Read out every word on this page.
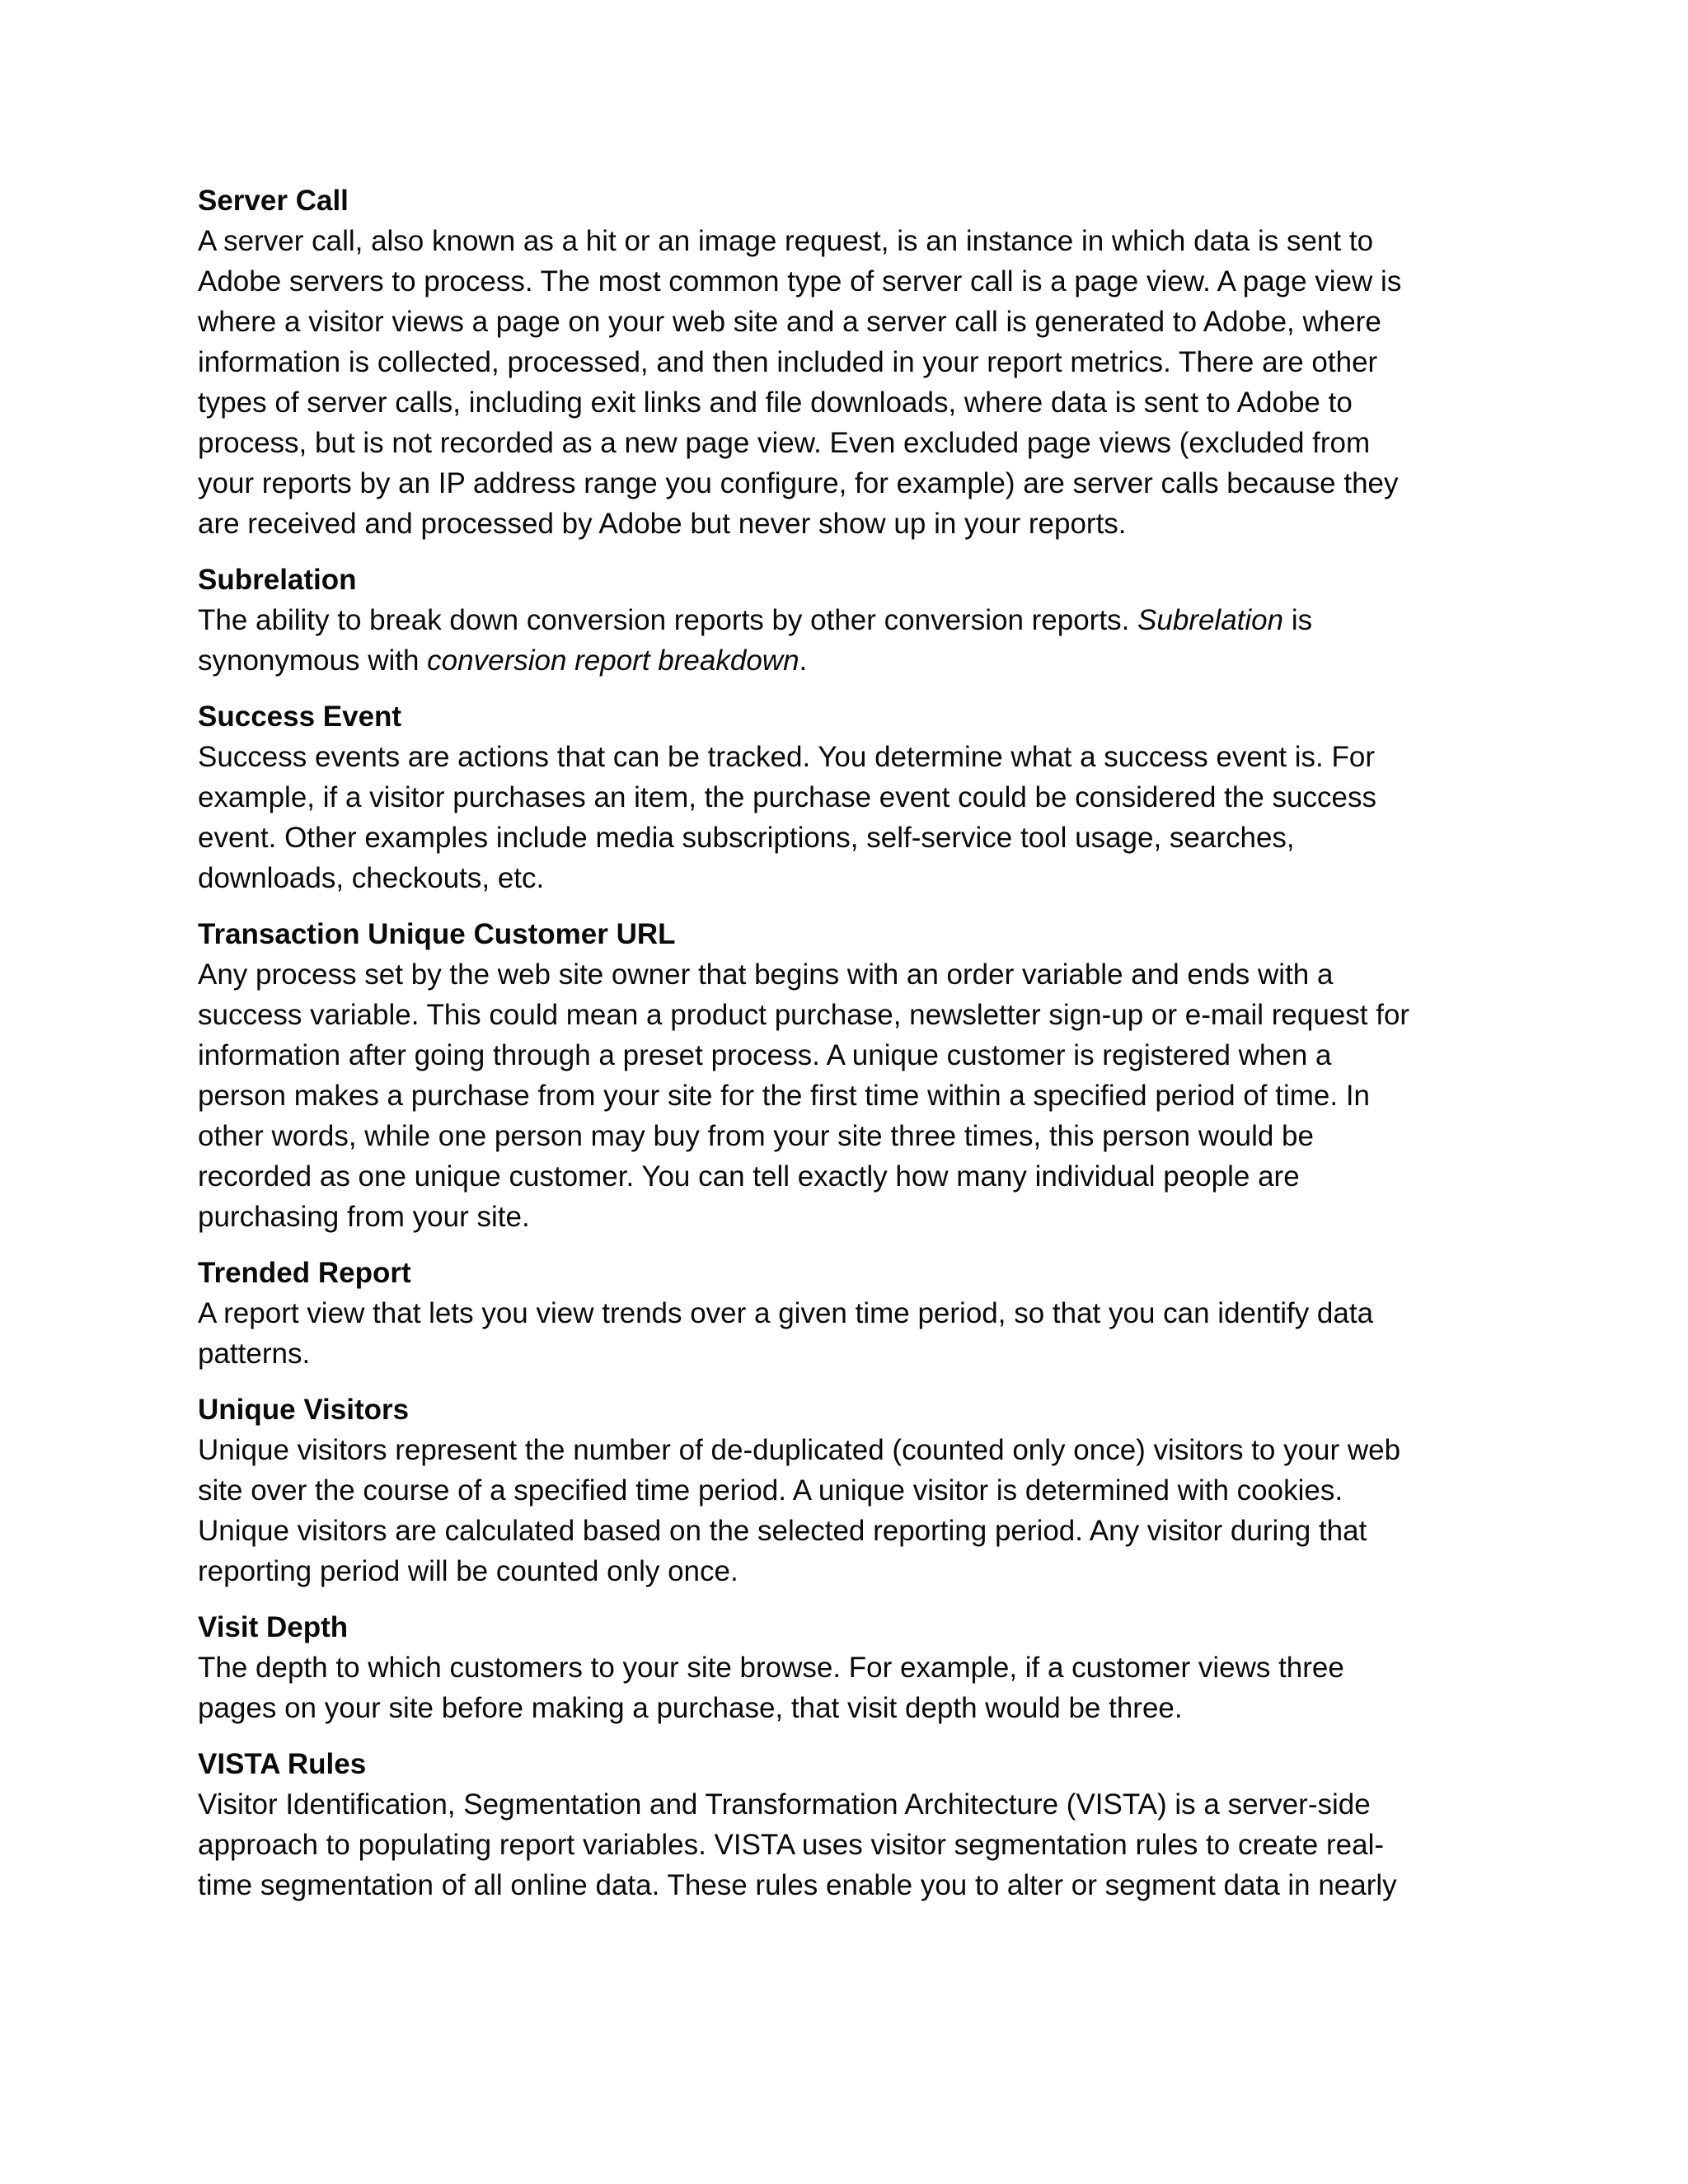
Server Call

A server call, also known as a hit or an image request, is an instance in which data is sent to
Adobe servers to process. The most common type of server call is a page view. A page view is
where a visitor views a page on your web site and a server call is generated to Adobe, where
information is collected, processed, and then included in your report metrics. There are other
types of server calls, including exit links and file downloads, where data is sent to Adobe to
process, but is not recorded as a new page view. Even excluded page views (excluded from
your reports by an IP address range you configure, for example) are server calls because they
are received and processed by Adobe but never show up in your reports.

Subrelation

The ability to break down conversion reports by other conversion reports. Subrelation is
synonymous with conversion report breakdown.

Success Event

Success events are actions that can be tracked. You determine what a success event is. For
example, if a visitor purchases an item, the purchase event could be considered the success
event. Other examples include media subscriptions, self-service tool usage, searches,
downloads, checkouts, etc.

Transaction Unique Customer URL

Any process set by the web site owner that begins with an order variable and ends with a
success variable. This could mean a product purchase, newsletter sign-up or e-mail request for
information after going through a preset process. A unique customer is registered when a
person makes a purchase from your site for the first time within a specified period of time. In
other words, while one person may buy from your site three times, this person would be
recorded as one unique customer. You can tell exactly how many individual people are
purchasing from your site.

Trended Report

A report view that lets you view trends over a given time period, so that you can identify data
patterns.

Unique Visitors

Unique visitors represent the number of de-duplicated (counted only once) visitors to your web
site over the course of a specified time period. A unique visitor is determined with cookies.
Unique visitors are calculated based on the selected reporting period. Any visitor during that
reporting period will be counted only once.

Visit Depth

The depth to which customers to your site browse. For example, if a customer views three
pages on your site before making a purchase, that visit depth would be three.

VISTA Rules

Visitor Identification, Segmentation and Transformation Architecture (VISTA) is a server-side
approach to populating report variables. VISTA uses visitor segmentation rules to create real-
time segmentation of all online data. These rules enable you to alter or segment data in nearly
